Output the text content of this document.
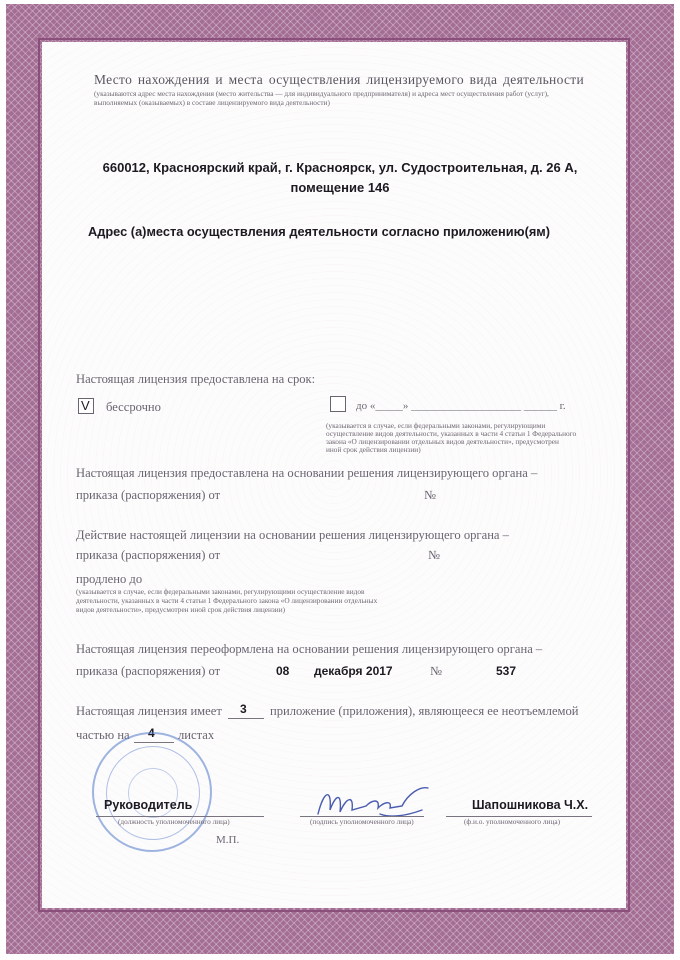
Место нахождения и места осуществления лицензируемого вида деятельности
(указываются адрес места нахождения (место жительства — для индивидуального предпринимателя) и адреса мест осуществления работ (услуг),
выполняемых (оказываемых) в составе лицензируемого вида деятельности)
660012, Красноярский край, г. Красноярск, ул. Судостроительная, д. 26 А,
помещение 146
Адрес (а)места осуществления деятельности согласно приложению(ям)
Настоящая лицензия предоставлена на срок:
V бессрочно	до «_____» ____________________ ______ г.
(указывается в случае, если федеральными законами, регулирующими
осуществление видов деятельности, указанных в части 4 статьи 1 Федерального
закона «О лицензировании отдельных видов деятельности», предусмотрен
иной срок действия лицензии)
Настоящая лицензия предоставлена на основании решения лицензирующего органа –
приказа (распоряжения) от	№
Действие настоящей лицензии на основании решения лицензирующего органа –
приказа (распоряжения) от	№
продлено до
(указывается в случае, если федеральными законами, регулирующими осуществление видов
деятельности, указанных в части 4 статьи 1 Федерального закона «О лицензировании отдельных
видов деятельности», предусмотрен иной срок действия лицензии)
Настоящая лицензия переоформлена на основании решения лицензирующего органа –
приказа (распоряжения) от	08 декабря 2017	№	537
Настоящая лицензия имеет 3 приложение (приложения), являющееся ее неотъемлемой
частью на 4 листах
Руководитель
(должность уполномоченного лица)	(подпись уполномоченного лица)
Шапошникова Ч.Х.
(ф.и.о. уполномоченного лица)
М.П.
